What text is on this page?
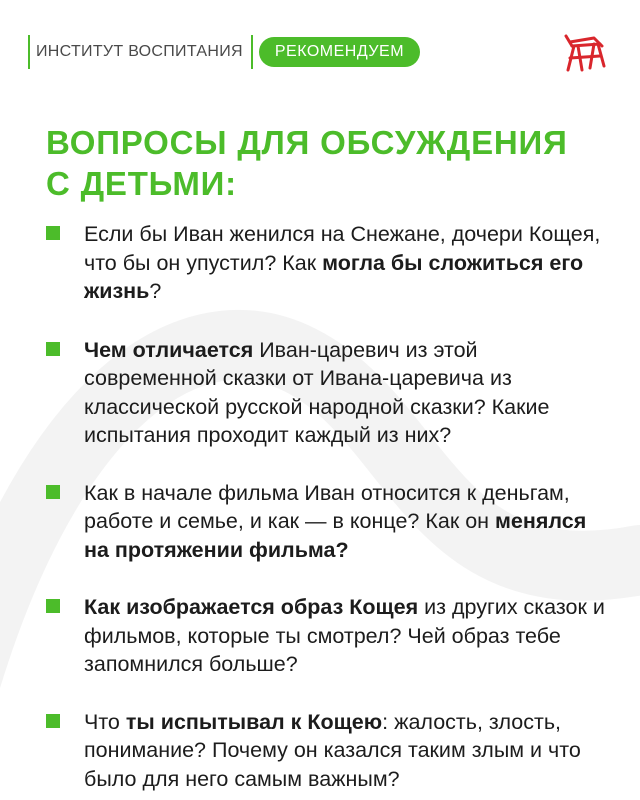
ИНСТИТУТ ВОСПИТАНИЯ	РЕКОМЕНДУЕМ
ВОПРОСЫ ДЛЯ ОБСУЖДЕНИЯ
С ДЕТЬМИ:
Если бы Иван женился на Снежане, дочери Кощея, что бы он упустил? Как могла бы сложиться его жизнь?
Чем отличается Иван-царевич из этой современной сказки от Ивана-царевича из классической русской народной сказки? Какие испытания проходит каждый из них?
Как в начале фильма Иван относится к деньгам, работе и семье, и как — в конце? Как он менялся на протяжении фильма?
Как изображается образ Кощея из других сказок и фильмов, которые ты смотрел? Чей образ тебе запомнился больше?
Что ты испытывал к Кощею: жалость, злость, понимание? Почему он казался таким злым и что было для него самым важным?
